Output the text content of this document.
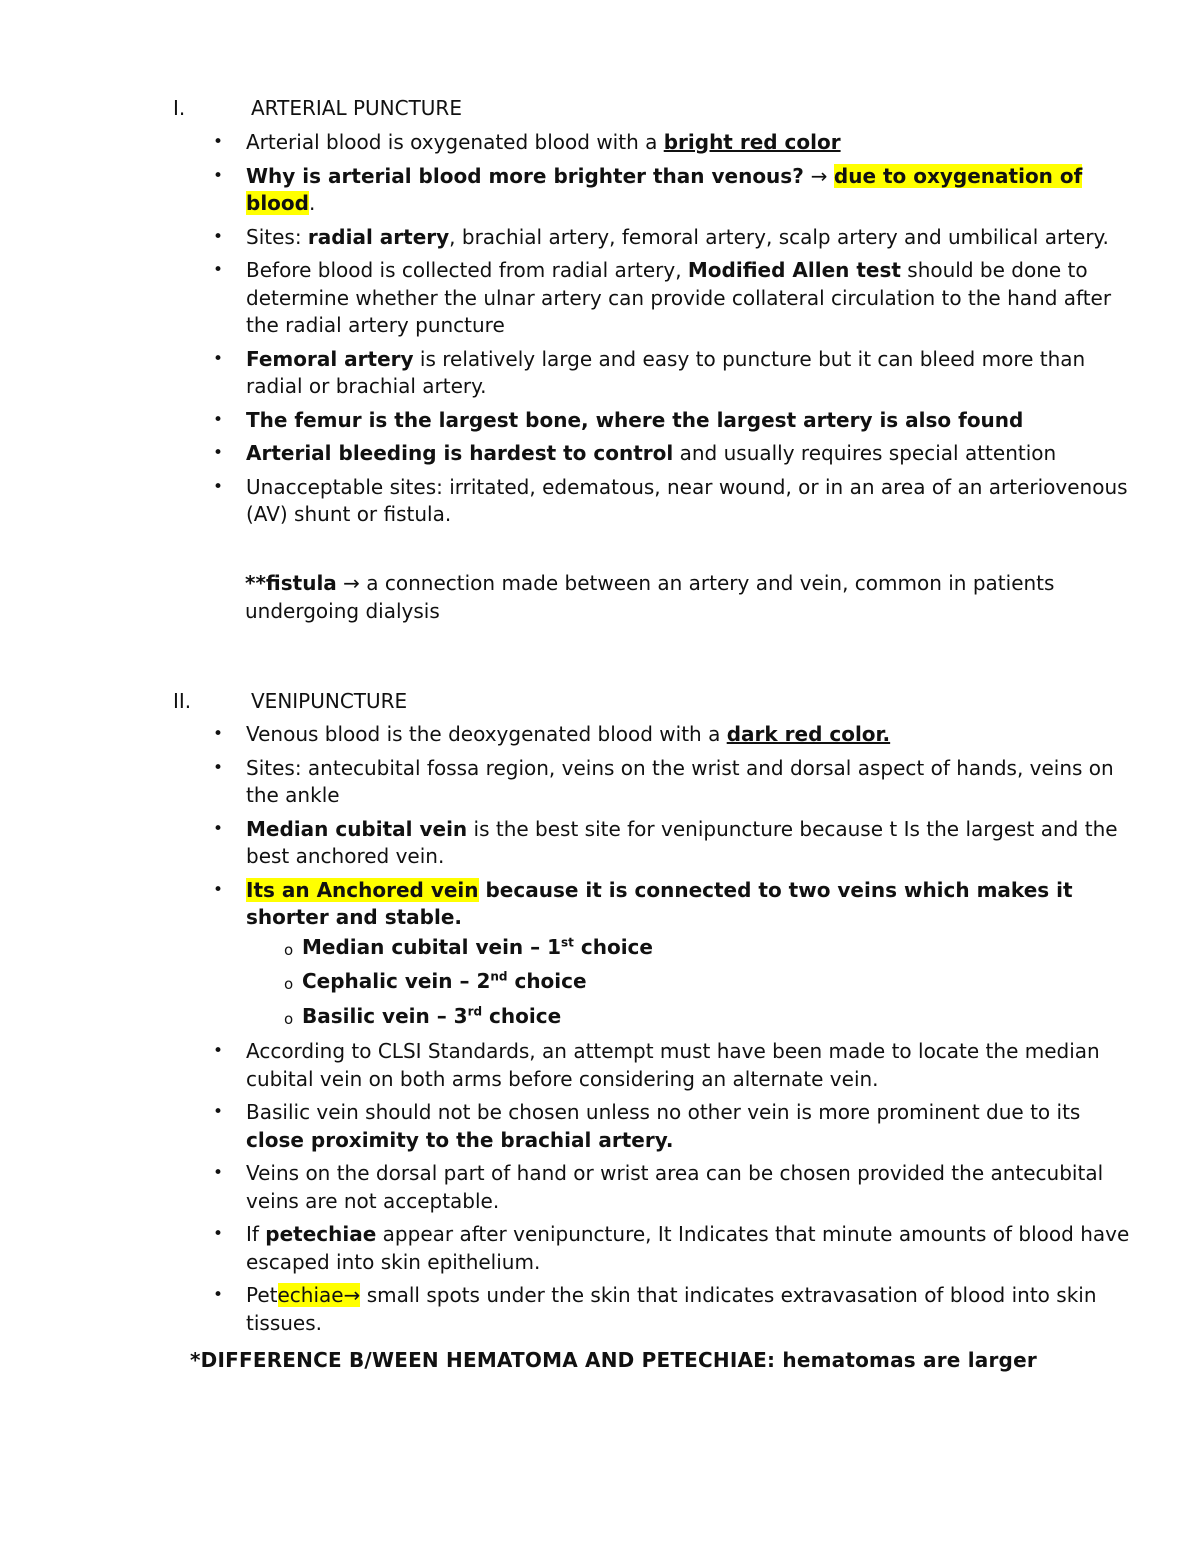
I.	ARTERIAL PUNCTURE
• Arterial blood is oxygenated blood with a bright red color
• Why is arterial blood more brighter than venous? → due to oxygenation of blood.
• Sites: radial artery, brachial artery, femoral artery, scalp artery and umbilical artery.
• Before blood is collected from radial artery, Modified Allen test should be done to determine whether the ulnar artery can provide collateral circulation to the hand after the radial artery puncture
• Femoral artery is relatively large and easy to puncture but it can bleed more than radial or brachial artery.
• The femur is the largest bone, where the largest artery is also found
• Arterial bleeding is hardest to control and usually requires special attention
• Unacceptable sites: irritated, edematous, near wound, or in an area of an arteriovenous (AV) shunt or fistula.
**fistula → a connection made between an artery and vein, common in patients undergoing dialysis
II.	VENIPUNCTURE
• Venous blood is the deoxygenated blood with a dark red color.
• Sites: antecubital fossa region, veins on the wrist and dorsal aspect of hands, veins on the ankle
• Median cubital vein is the best site for venipuncture because t Is the largest and the best anchored vein.
• Its an Anchored vein because it is connected to two veins which makes it shorter and stable.
o Median cubital vein – 1st choice
o Cephalic vein – 2nd choice
o Basilic vein – 3rd choice
• According to CLSI Standards, an attempt must have been made to locate the median cubital vein on both arms before considering an alternate vein.
• Basilic vein should not be chosen unless no other vein is more prominent due to its close proximity to the brachial artery.
• Veins on the dorsal part of hand or wrist area can be chosen provided the antecubital veins are not acceptable.
• If petechiae appear after venipuncture, It Indicates that minute amounts of blood have escaped into skin epithelium.
• Petechiae→ small spots under the skin that indicates extravasation of blood into skin tissues.
*DIFFERENCE B/WEEN HEMATOMA AND PETECHIAE: hematomas are larger
